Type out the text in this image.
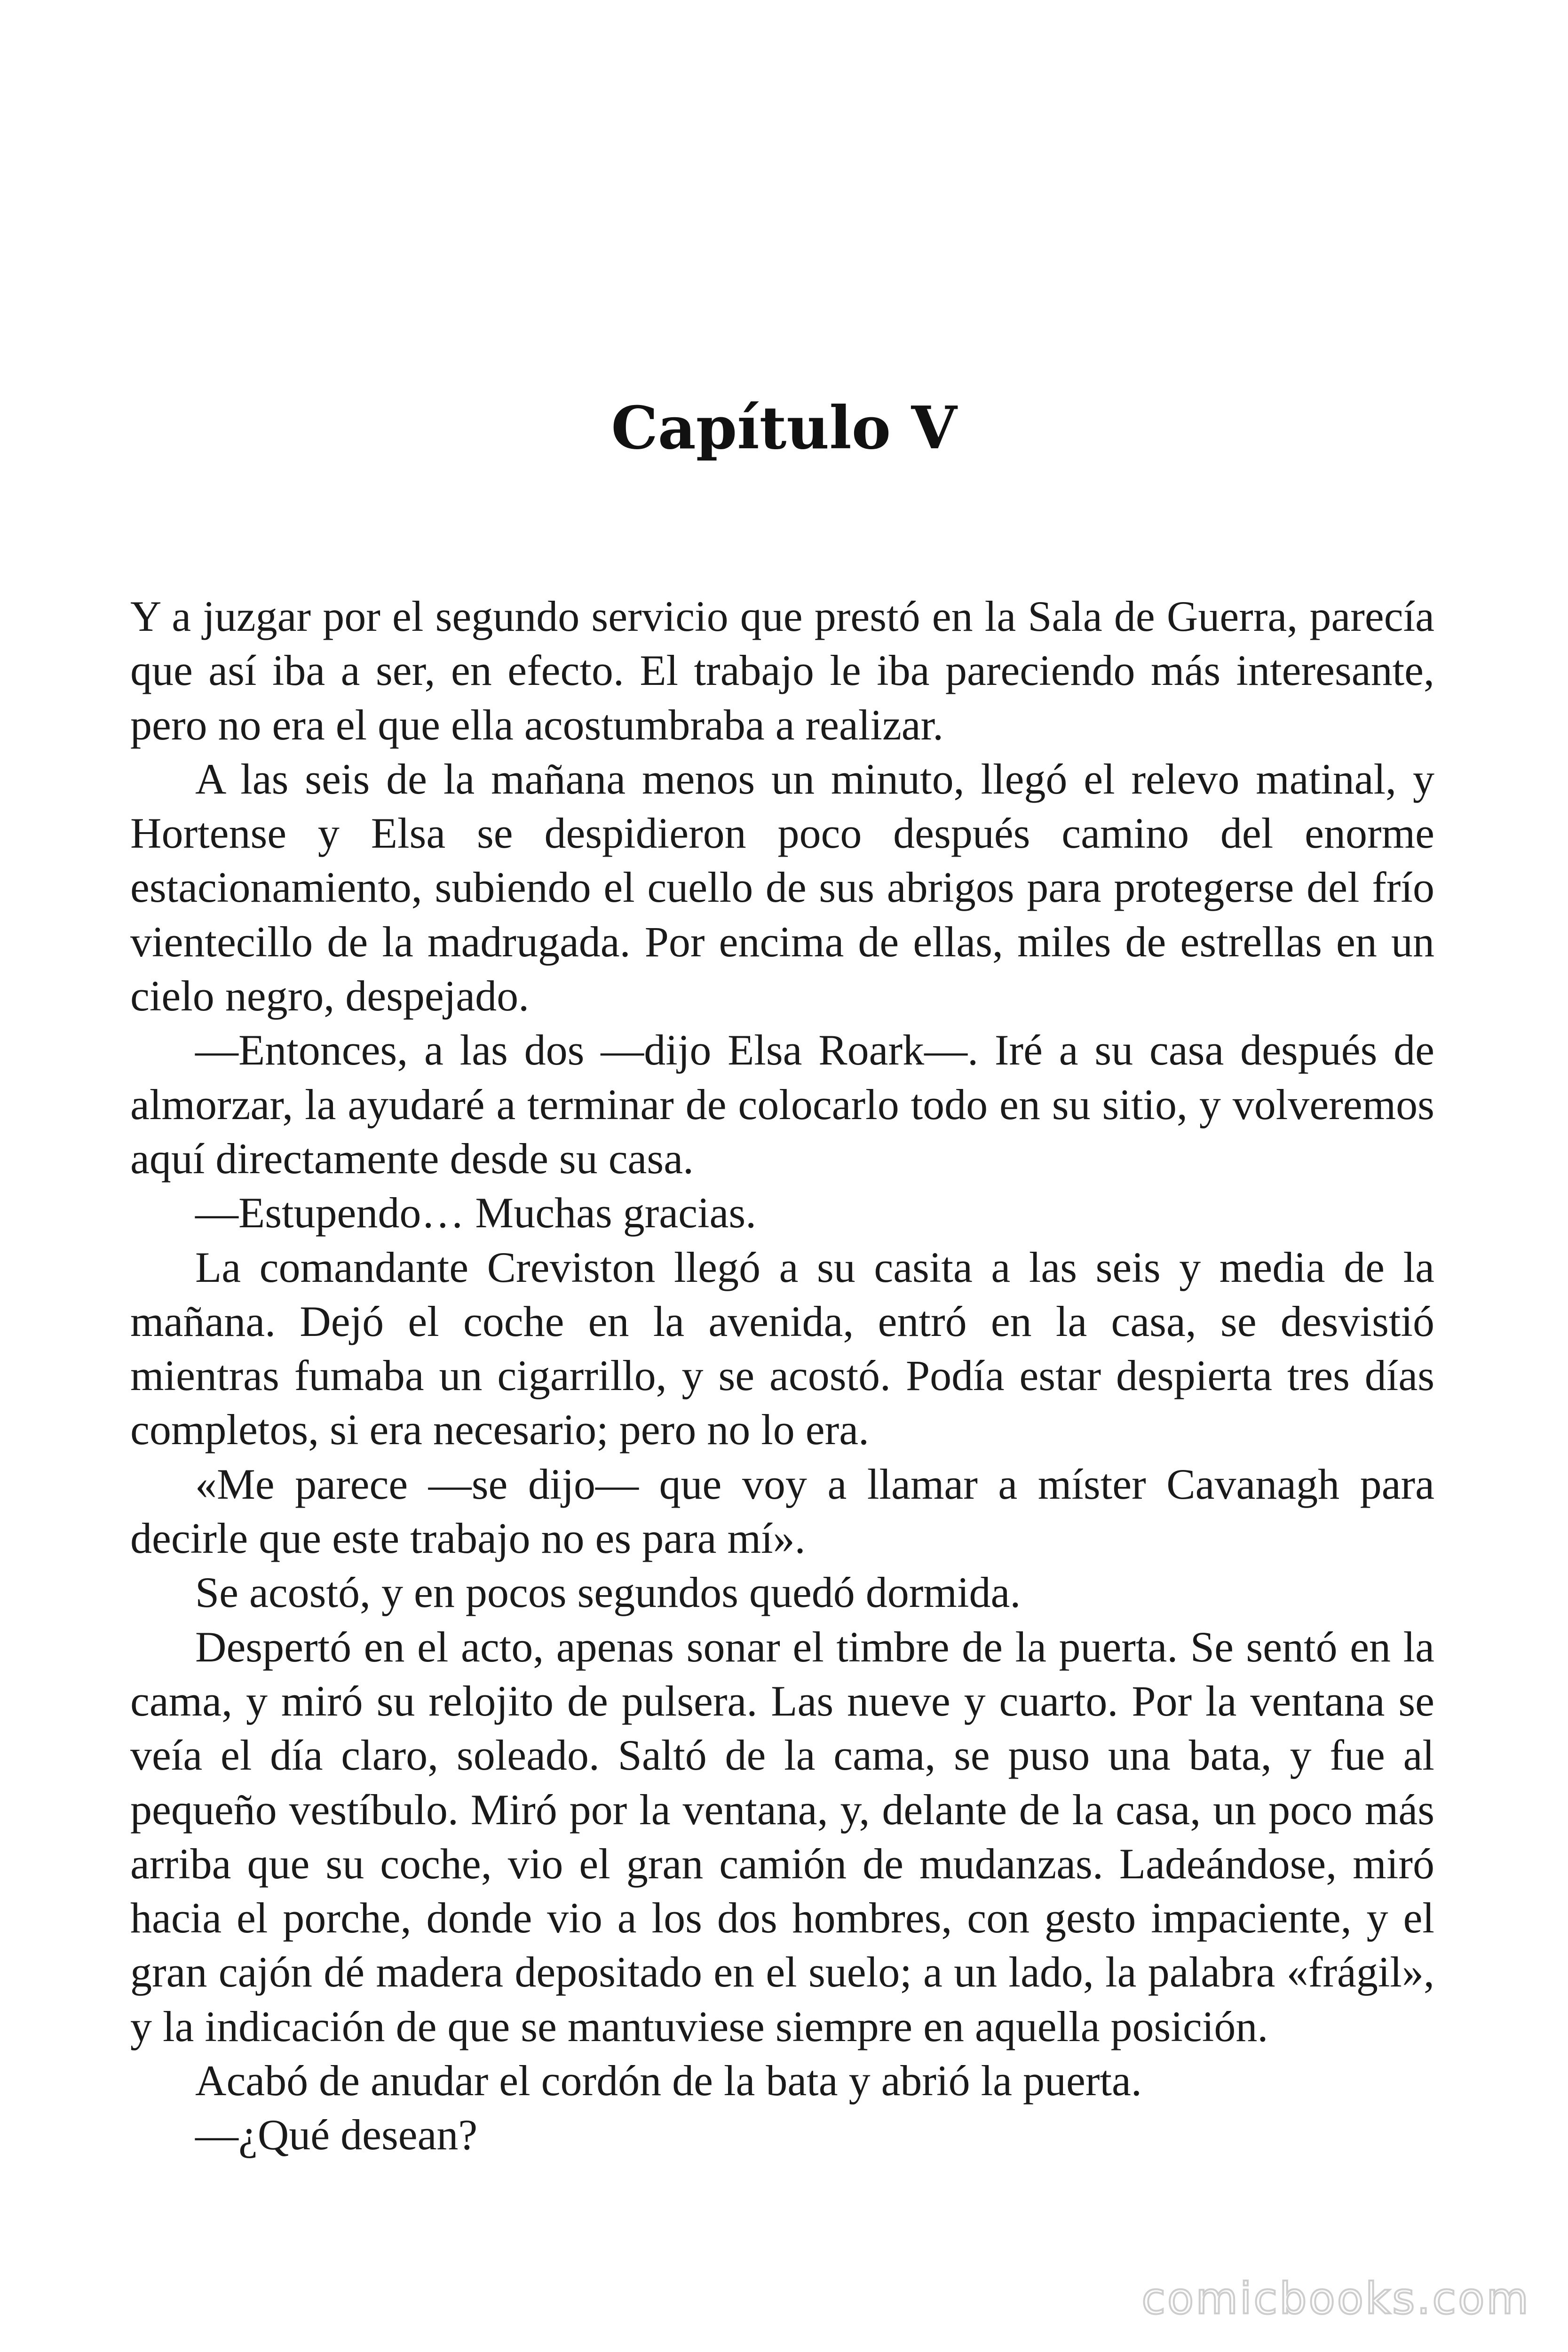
Capítulo V

Y a juzgar por el segundo servicio que prestó en la Sala de Guerra, parecía que así iba a ser, en efecto. El trabajo le iba pareciendo más interesante, pero no era el que ella acostumbraba a realizar.

A las seis de la mañana menos un minuto, llegó el relevo matinal, y Hortense y Elsa se despidieron poco después camino del enorme estacionamiento, subiendo el cuello de sus abrigos para protegerse del frío vientecillo de la madrugada. Por encima de ellas, miles de estrellas en un cielo negro, despejado.

—Entonces, a las dos —dijo Elsa Roark—. Iré a su casa después de almorzar, la ayudaré a terminar de colocarlo todo en su sitio, y volveremos aquí directamente desde su casa.

—Estupendo… Muchas gracias.

La comandante Creviston llegó a su casita a las seis y media de la mañana. Dejó el coche en la avenida, entró en la casa, se desvistió mientras fumaba un cigarrillo, y se acostó. Podía estar despierta tres días completos, si era necesario; pero no lo era.

«Me parece —se dijo— que voy a llamar a míster Cavanagh para decirle que este trabajo no es para mí».

Se acostó, y en pocos segundos quedó dormida.

Despertó en el acto, apenas sonar el timbre de la puerta. Se sentó en la cama, y miró su relojito de pulsera. Las nueve y cuarto. Por la ventana se veía el día claro, soleado. Saltó de la cama, se puso una bata, y fue al pequeño vestíbulo. Miró por la ventana, y, delante de la casa, un poco más arriba que su coche, vio el gran camión de mudanzas. Ladeándose, miró hacia el porche, donde vio a los dos hombres, con gesto impaciente, y el gran cajón dé madera depositado en el suelo; a un lado, la palabra «frágil», y la indicación de que se mantuviese siempre en aquella posición.

Acabó de anudar el cordón de la bata y abrió la puerta.

—¿Qué desean?

comicbooks.com
